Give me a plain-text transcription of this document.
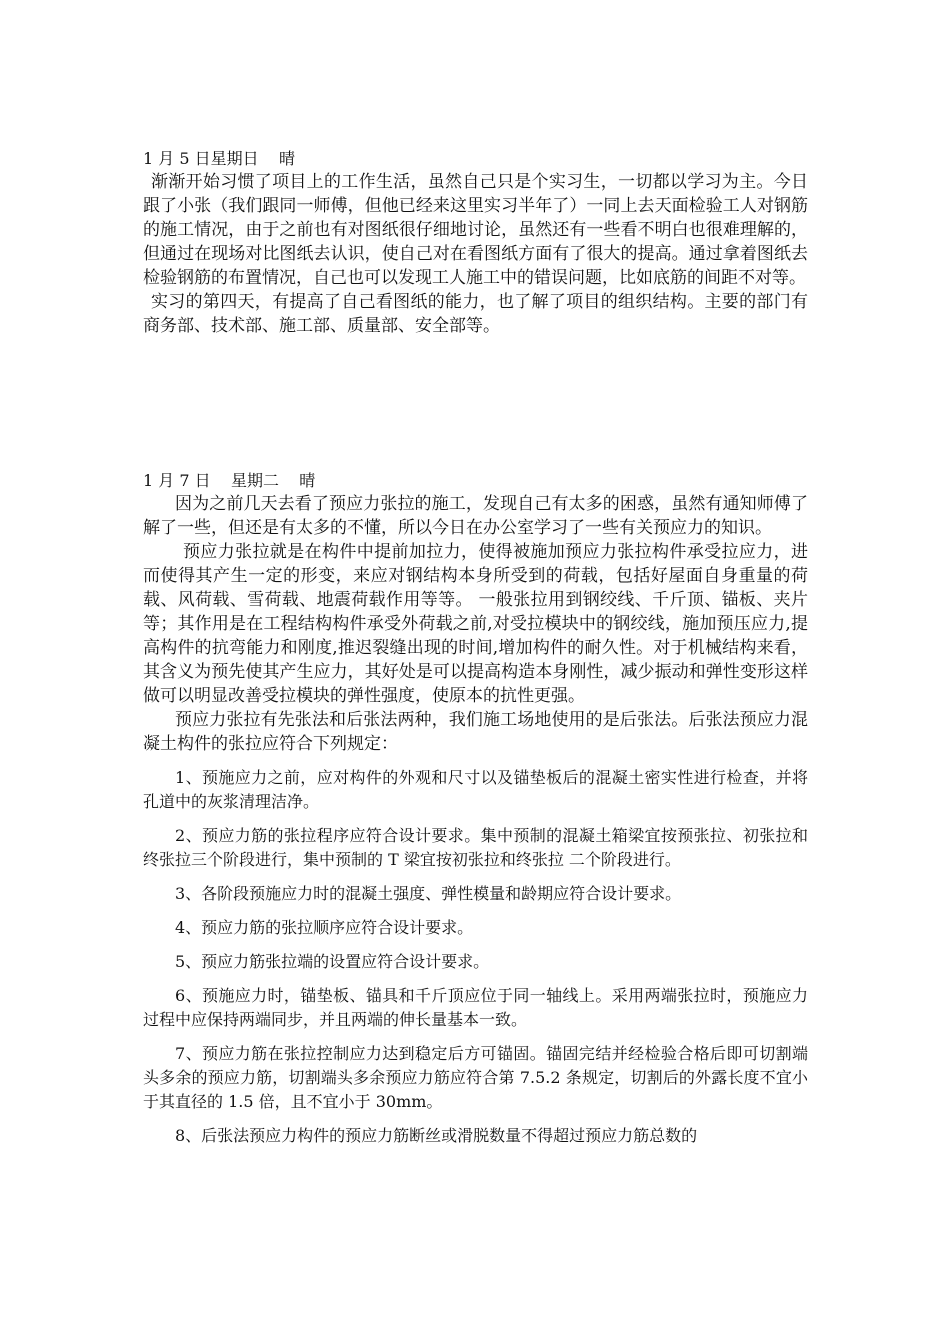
1 月 5 日星期日    晴

渐渐开始习惯了项目上的工作生活，虽然自己只是个实习生，一切都以学习为主。今日跟了小张（我们跟同一师傅，但他已经来这里实习半年了）一同上去天面检验工人对钢筋的施工情况，由于之前也有对图纸很仔细地讨论，虽然还有一些看不明白也很难理解的，但通过在现场对比图纸去认识，使自己对在看图纸方面有了很大的提高。通过拿着图纸去检验钢筋的布置情况，自己也可以发现工人施工中的错误问题，比如底筋的间距不对等。

实习的第四天，有提高了自己看图纸的能力，也了解了项目的组织结构。主要的部门有商务部、技术部、施工部、质量部、安全部等。

1 月 7 日    星期二    晴

因为之前几天去看了预应力张拉的施工，发现自己有太多的困惑，虽然有通知师傅了解了一些，但还是有太多的不懂，所以今日在办公室学习了一些有关预应力的知识。

预应力张拉就是在构件中提前加拉力，使得被施加预应力张拉构件承受拉应力，进而使得其产生一定的形变，来应对钢结构本身所受到的荷载，包括好屋面自身重量的荷载、风荷载、雪荷载、地震荷载作用等等。 一般张拉用到钢绞线、千斤顶、锚板、夹片等；其作用是在工程结构构件承受外荷载之前,对受拉模块中的钢绞线，施加预压应力,提高构件的抗弯能力和刚度,推迟裂缝出现的时间,增加构件的耐久性。对于机械结构来看，其含义为预先使其产生应力，其好处是可以提高构造本身刚性，减少振动和弹性变形这样做可以明显改善受拉模块的弹性强度，使原本的抗性更强。

预应力张拉有先张法和后张法两种，我们施工场地使用的是后张法。后张法预应力混凝土构件的张拉应符合下列规定：

1、预施应力之前，应对构件的外观和尺寸以及锚垫板后的混凝土密实性进行检查，并将孔道中的灰浆清理洁净。

2、预应力筋的张拉程序应符合设计要求。集中预制的混凝土箱梁宜按预张拉、初张拉和终张拉三个阶段进行，集中预制的 T 梁宜按初张拉和终张拉 二个阶段进行。

3、各阶段预施应力时的混凝土强度、弹性模量和龄期应符合设计要求。

4、预应力筋的张拉顺序应符合设计要求。

5、预应力筋张拉端的设置应符合设计要求。

6、预施应力时，锚垫板、锚具和千斤顶应位于同一轴线上。采用两端张拉时，预施应力过程中应保持两端同步，并且两端的伸长量基本一致。

7、预应力筋在张拉控制应力达到稳定后方可锚固。锚固完结并经检验合格后即可切割端头多余的预应力筋，切割端头多余预应力筋应符合第 7.5.2 条规定，切割后的外露长度不宜小于其直径的 1.5 倍，且不宜小于 30mm。

8、后张法预应力构件的预应力筋断丝或滑脱数量不得超过预应力筋总数的
